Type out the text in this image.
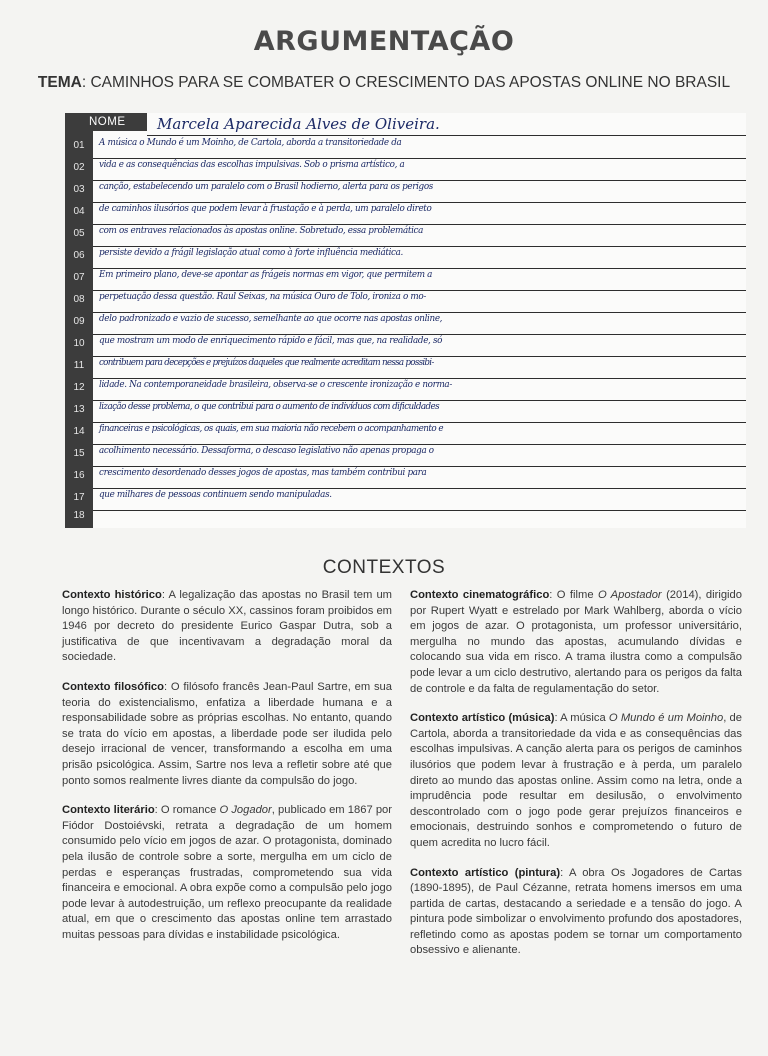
ARGUMENTAÇÃO
TEMA: CAMINHOS PARA SE COMBATER O CRESCIMENTO DAS APOSTAS ONLINE NO BRASIL
NOME	Marcela Aparecida Alves de Oliveira.
01	A música o Mundo é um Moinho, de Cartola, aborda a transitoriedade da
02	vida e as consequências das escolhas impulsivas. Sob o prisma artístico, a
03	canção, estabelecendo um paralelo com o Brasil hodierno, alerta para os perigos
04	de caminhos ilusórios que podem levar à frustação e à perda, um paralelo direto
05	com os entraves relacionados às apostas online. Sobretudo, essa problemática
06	persiste devido a frágil legislação atual como à forte influência mediática.
07	Em primeiro plano, deve-se apontar as frágeis normas em vigor, que permitem a
08	perpetuação dessa questão. Raul Seixas, na música Ouro de Tolo, ironiza o mo-
09	delo padronizado e vazio de sucesso, semelhante ao que ocorre nas apostas online,
10	que mostram um modo de enriquecimento rápido e fácil, mas que, na realidade, só
11	contribuem para decepções e prejuízos daqueles que realmente acreditam nessa possibi-
12	lidade. Na contemporaneidade brasileira, observa-se o crescente ironização e norma-
13	lização desse problema, o que contribui para o aumento de indivíduos com dificuldades
14	financeiras e psicológicas, os quais, em sua maioria não recebem o acompanhamento e
15	acolhimento necessário. Dessaforma, o descaso legislativo não apenas propaga o
16	crescimento desordenado desses jogos de apostas, mas também contribui para
17	que milhares de pessoas continuem sendo manipuladas.
18
CONTEXTOS

Contexto histórico: A legalização das apostas no Brasil tem um longo histórico. Durante o século XX, cassinos foram proibidos em 1946 por decreto do presidente Eurico Gaspar Dutra, sob a justificativa de que incentivavam a degradação moral da sociedade.

Contexto filosófico: O filósofo francês Jean-Paul Sartre, em sua teoria do existencialismo, enfatiza a liberdade humana e a responsabilidade sobre as próprias escolhas. No entanto, quando se trata do vício em apostas, a liberdade pode ser iludida pelo desejo irracional de vencer, transformando a escolha em uma prisão psicológica. Assim, Sartre nos leva a refletir sobre até que ponto somos realmente livres diante da compulsão do jogo.

Contexto literário: O romance O Jogador, publicado em 1867 por Fiódor Dostoiévski, retrata a degradação de um homem consumido pelo vício em jogos de azar. O protagonista, dominado pela ilusão de controle sobre a sorte, mergulha em um ciclo de perdas e esperanças frustradas, comprometendo sua vida financeira e emocional. A obra expõe como a compulsão pelo jogo pode levar à autodestruição, um reflexo preocupante da realidade atual, em que o crescimento das apostas online tem arrastado muitas pessoas para dívidas e instabilidade psicológica.

Contexto cinematográfico: O filme O Apostador (2014), dirigido por Rupert Wyatt e estrelado por Mark Wahlberg, aborda o vício em jogos de azar. O protagonista, um professor universitário, mergulha no mundo das apostas, acumulando dívidas e colocando sua vida em risco. A trama ilustra como a compulsão pode levar a um ciclo destrutivo, alertando para os perigos da falta de controle e da falta de regulamentação do setor.

Contexto artístico (música): A música O Mundo é um Moinho, de Cartola, aborda a transitoriedade da vida e as consequências das escolhas impulsivas. A canção alerta para os perigos de caminhos ilusórios que podem levar à frustração e à perda, um paralelo direto ao mundo das apostas online. Assim como na letra, onde a imprudência pode resultar em desilusão, o envolvimento descontrolado com o jogo pode gerar prejuízos financeiros e emocionais, destruindo sonhos e comprometendo o futuro de quem acredita no lucro fácil.

Contexto artístico (pintura): A obra Os Jogadores de Cartas (1890-1895), de Paul Cézanne, retrata homens imersos em uma partida de cartas, destacando a seriedade e a tensão do jogo. A pintura pode simbolizar o envolvimento profundo dos apostadores, refletindo como as apostas podem se tornar um comportamento obsessivo e alienante.
